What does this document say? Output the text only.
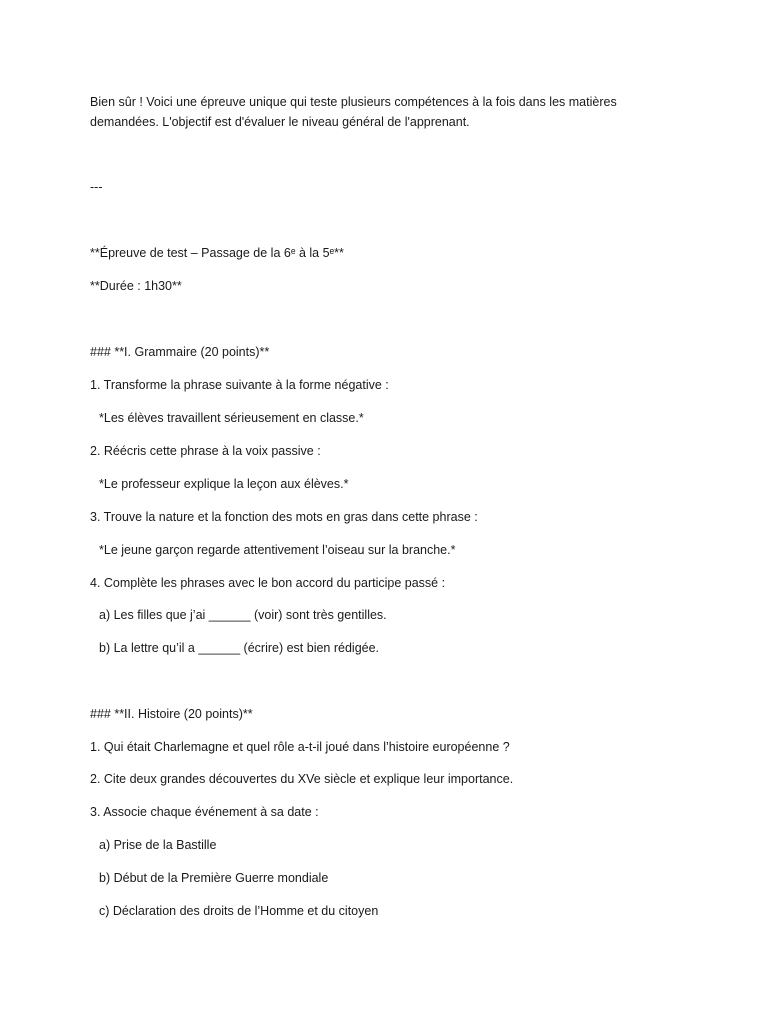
Bien sûr ! Voici une épreuve unique qui teste plusieurs compétences à la fois dans les matières
demandées. L'objectif est d'évaluer le niveau général de l'apprenant.
---
**Épreuve de test – Passage de la 6ᵉ à la 5ᵉ**
**Durée : 1h30**
### **I. Grammaire (20 points)**
1. Transforme la phrase suivante à la forme négative :
*Les élèves travaillent sérieusement en classe.*
2. Réécris cette phrase à la voix passive :
*Le professeur explique la leçon aux élèves.*
3. Trouve la nature et la fonction des mots en gras dans cette phrase :
*Le jeune garçon regarde attentivement l’oiseau sur la branche.*
4. Complète les phrases avec le bon accord du participe passé :
a) Les filles que j’ai ______ (voir) sont très gentilles.
b) La lettre qu’il a ______ (écrire) est bien rédigée.
### **II. Histoire (20 points)**
1. Qui était Charlemagne et quel rôle a-t-il joué dans l’histoire européenne ?
2. Cite deux grandes découvertes du XVe siècle et explique leur importance.
3. Associe chaque événement à sa date :
a) Prise de la Bastille
b) Début de la Première Guerre mondiale
c) Déclaration des droits de l’Homme et du citoyen
